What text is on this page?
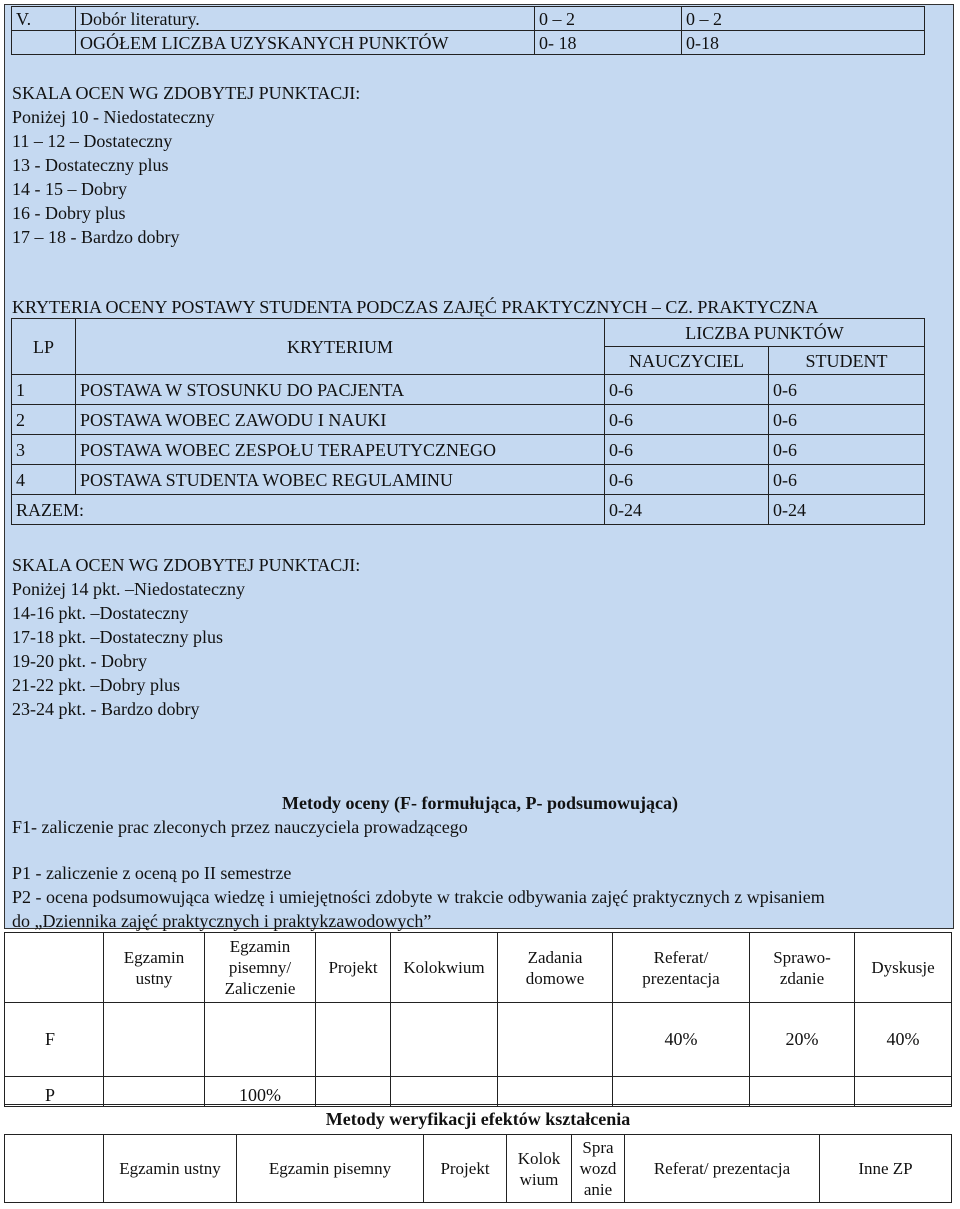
V.	Dobór literatury.	0 – 2	0 – 2
	OGÓŁEM LICZBA UZYSKANYCH PUNKTÓW	0- 18	0-18
SKALA OCEN WG ZDOBYTEJ PUNKTACJI:
Poniżej 10 - Niedostateczny
11 – 12 – Dostateczny
13 - Dostateczny plus
14 - 15 – Dobry
16 - Dobry plus
17 – 18 - Bardzo dobry
KRYTERIA OCENY POSTAWY STUDENTA PODCZAS ZAJĘĆ PRAKTYCZNYCH – CZ. PRAKTYCZNA
LP	KRYTERIUM	LICZBA PUNKTÓW	
		NAUCZYCIEL	STUDENT
1	POSTAWA W STOSUNKU DO PACJENTA	0-6	0-6
2	POSTAWA WOBEC ZAWODU I NAUKI	0-6	0-6
3	POSTAWA WOBEC ZESPOŁU TERAPEUTYCZNEGO	0-6	0-6
4	POSTAWA STUDENTA WOBEC REGULAMINU	0-6	0-6
RAZEM:		0-24	0-24
SKALA OCEN WG ZDOBYTEJ PUNKTACJI:
Poniżej 14 pkt. –Niedostateczny
14-16 pkt. –Dostateczny
17-18 pkt. –Dostateczny plus
19-20 pkt. - Dobry
21-22 pkt. –Dobry plus
23-24 pkt. - Bardzo dobry
Metody oceny (F- formułująca, P- podsumowująca)
F1- zaliczenie prac zleconych przez nauczyciela prowadzącego
P1 - zaliczenie z oceną po II semestrze
P2 - ocena podsumowująca wiedzę i umiejętności zdobyte w trakcie odbywania zajęć praktycznych z wpisaniem
do „Dziennika zajęć praktycznych i praktykzawodowych”
	Egzamin ustny	Egzamin pisemny/ Zaliczenie	Projekt	Kolokwium	Zadania domowe	Referat/ prezentacja	Sprawo-zdanie	Dyskusje
F						40%	20%	40%
P		100%						
Metody weryfikacji efektów kształcenia
	Egzamin ustny	Egzamin pisemny	Projekt	Kolok wium	Spra wozd anie	Referat/ prezentacja	Inne ZP
